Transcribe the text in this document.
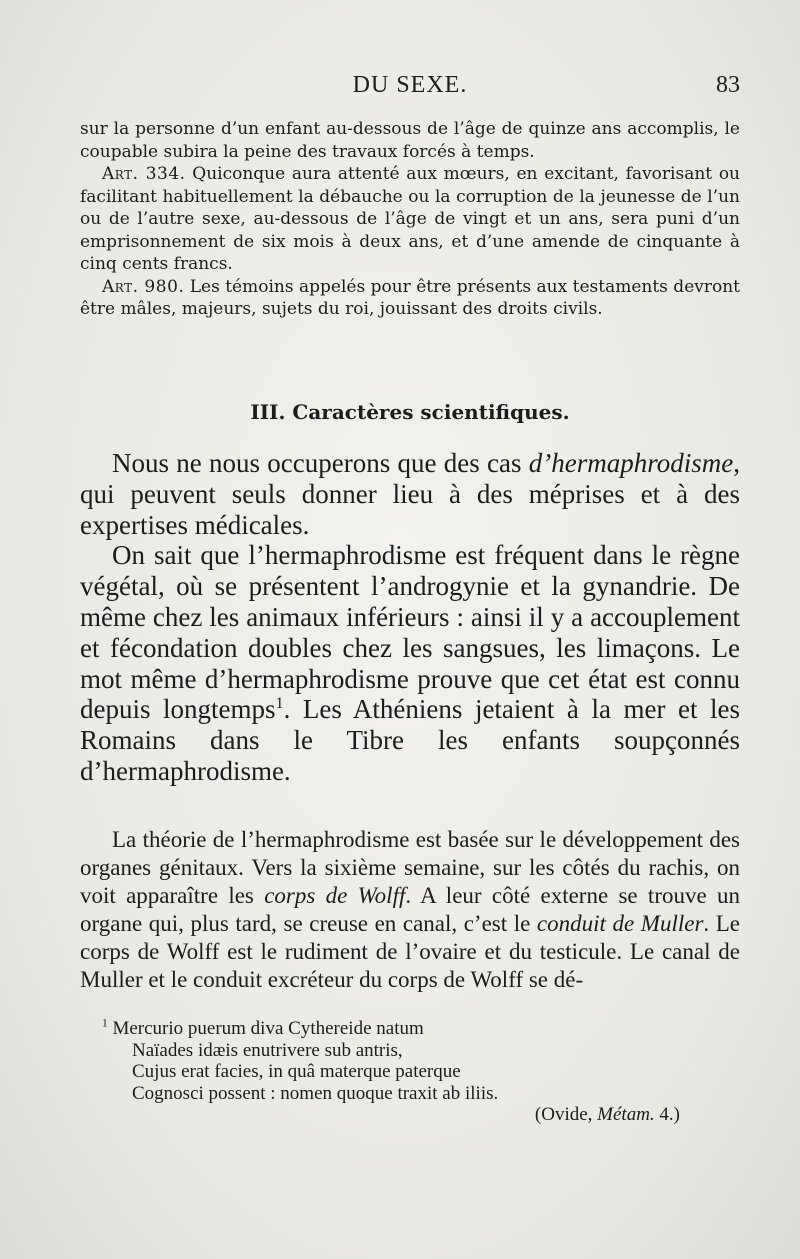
DU SEXE.	83

sur la personne d’un enfant au-dessous de l’âge de quinze ans accomplis, le coupable subira la peine des travaux forcés à temps.

Art. 334. Quiconque aura attenté aux mœurs, en excitant, favorisant ou facilitant habituellement la débauche ou la corruption de la jeunesse de l’un ou de l’autre sexe, au-dessous de l’âge de vingt et un ans, sera puni d’un emprisonnement de six mois à deux ans, et d’une amende de cinquante à cinq cents francs.

Art. 980. Les témoins appelés pour être présents aux testaments devront être mâles, majeurs, sujets du roi, jouissant des droits civils.

III. Caractères scientifiques.

Nous ne nous occuperons que des cas d’hermaphrodisme, qui peuvent seuls donner lieu à des méprises et à des expertises médicales.

On sait que l’hermaphrodisme est fréquent dans le règne végétal, où se présentent l’androgynie et la gynandrie. De même chez les animaux inférieurs : ainsi il y a accouplement et fécondation doubles chez les sangsues, les limaçons. Le mot même d’hermaphrodisme prouve que cet état est connu depuis longtemps$^1$. Les Athéniens jetaient à la mer et les Romains dans le Tibre les enfants soupçonnés d’hermaphrodisme.

La théorie de l’hermaphrodisme est basée sur le développement des organes génitaux. Vers la sixième semaine, sur les côtés du rachis, on voit apparaître les corps de Wolff. A leur côté externe se trouve un organe qui, plus tard, se creuse en canal, c’est le conduit de Muller. Le corps de Wolff est le rudiment de l’ovaire et du testicule. Le canal de Muller et le conduit excréteur du corps de Wolff se dé-

$^1$ Mercurio puerum diva Cythereide natum
Naïades idæis enutrivere sub antris,
Cujus erat facies, in quâ materque paterque
Cognosci possent : nomen quoque traxit ab iliis.
(Ovide, Métam. 4.)
